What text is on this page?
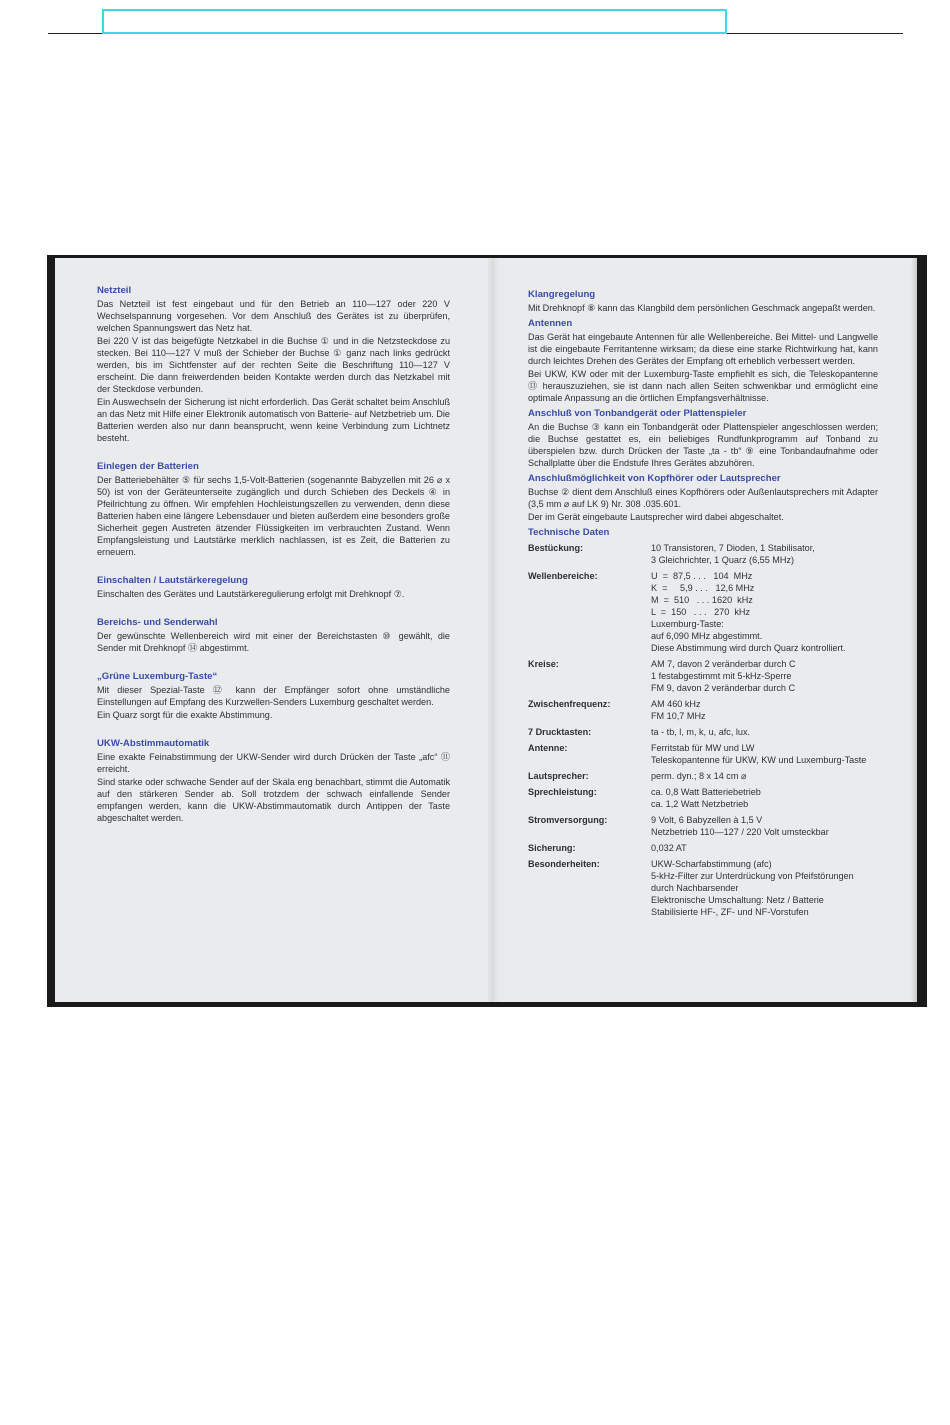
Netzteil

Das Netzteil ist fest eingebaut und für den Betrieb an 110—127 oder 220 V Wechselspannung vorgesehen. Vor dem Anschluß des Gerätes ist zu überprüfen, welchen Spannungswert das Netz hat.

Bei 220 V ist das beigefügte Netzkabel in die Buchse ① und in die Netzsteckdose zu stecken. Bei 110—127 V muß der Schieber der Buchse ① ganz nach links gedrückt werden, bis im Sichtfenster auf der rechten Seite die Beschriftung 110—127 V erscheint. Die dann freiwerdenden beiden Kontakte werden durch das Netzkabel mit der Steckdose verbunden.

Ein Auswechseln der Sicherung ist nicht erforderlich. Das Gerät schaltet beim Anschluß an das Netz mit Hilfe einer Elektronik automatisch von Batterie- auf Netzbetrieb um. Die Batterien werden also nur dann beansprucht, wenn keine Verbindung zum Lichtnetz besteht.

Einlegen der Batterien

Der Batteriebehälter ⑤ für sechs 1,5-Volt-Batterien (sogenannte Babyzellen mit 26 ⌀ x 50) ist von der Geräteunterseite zugänglich und durch Schieben des Deckels ④ in Pfeilrichtung zu öffnen. Wir empfehlen Hochleistungszellen zu verwenden, denn diese Batterien haben eine längere Lebensdauer und bieten außerdem eine besonders große Sicherheit gegen Austreten ätzender Flüssigkeiten im verbrauchten Zustand. Wenn Empfangsleistung und Lautstärke merklich nachlassen, ist es Zeit, die Batterien zu erneuern.

Einschalten / Lautstärkeregelung

Einschalten des Gerätes und Lautstärkeregulierung erfolgt mit Drehknopf ⑦.

Bereichs- und Senderwahl

Der gewünschte Wellenbereich wird mit einer der Bereichstasten ⑩ gewählt, die Sender mit Drehknopf ⑭ abgestimmt.

„Grüne Luxemburg-Taste“

Mit dieser Spezial-Taste ⑫ kann der Empfänger sofort ohne umständliche Einstellungen auf Empfang des Kurzwellen-Senders Luxemburg geschaltet werden.

Ein Quarz sorgt für die exakte Abstimmung.

UKW-Abstimmautomatik

Eine exakte Feinabstimmung der UKW-Sender wird durch Drücken der Taste „afc“ ⑪ erreicht.

Sind starke oder schwache Sender auf der Skala eng benachbart, stimmt die Automatik auf den stärkeren Sender ab. Soll trotzdem der schwach einfallende Sender empfangen werden, kann die UKW-Abstimmautomatik durch Antippen der Taste abgeschaltet werden.

Klangregelung

Mit Drehknopf ⑧ kann das Klangbild dem persönlichen Geschmack angepaßt werden.

Antennen

Das Gerät hat eingebaute Antennen für alle Wellenbereiche. Bei Mittel- und Langwelle ist die eingebaute Ferritantenne wirksam; da diese eine starke Richtwirkung hat, kann durch leichtes Drehen des Gerätes der Empfang oft erheblich verbessert werden.

Bei UKW, KW oder mit der Luxemburg-Taste empfiehlt es sich, die Teleskopantenne ⑬ herauszuziehen, sie ist dann nach allen Seiten schwenkbar und ermöglicht eine optimale Anpassung an die örtlichen Empfangsverhältnisse.

Anschluß von Tonbandgerät oder Plattenspieler

An die Buchse ③ kann ein Tonbandgerät oder Plattenspieler angeschlossen werden; die Buchse gestattet es, ein beliebiges Rundfunkprogramm auf Tonband zu überspielen bzw. durch Drücken der Taste „ta - tb“ ⑨ eine Tonbandaufnahme oder Schallplatte über die Endstufe Ihres Gerätes abzuhören.

Anschlußmöglichkeit von Kopfhörer oder Lautsprecher

Buchse ② dient dem Anschluß eines Kopfhörers oder Außenlautsprechers mit Adapter (3,5 mm ⌀ auf LK 9) Nr. 308 .035.601.

Der im Gerät eingebaute Lautsprecher wird dabei abgeschaltet.

Technische Daten
Bestückung:	10 Transistoren, 7 Dioden, 1 Stabilisator,
3 Gleichrichter, 1 Quarz (6,55 MHz)
Wellenbereiche:	U  =  87,5 . . .   104  MHz
K  =     5,9 . . .   12,6 MHz
M  =  510   . . . 1620  kHz
L  =  150   . . .   270  kHz
Luxemburg-Taste:
auf 6,090 MHz abgestimmt.
Diese Abstimmung wird durch Quarz kontrolliert.
Kreise:	AM 7, davon 2 veränderbar durch C
1 festabgestimmt mit 5-kHz-Sperre
FM 9, davon 2 veränderbar durch C
Zwischenfrequenz:	AM 460 kHz
FM 10,7 MHz
7 Drucktasten:	ta - tb, l, m, k, u, afc, lux.
Antenne:	Ferritstab für MW und LW
Teleskopantenne für UKW, KW und Luxemburg-Taste
Lautsprecher:	perm. dyn.; 8 x 14 cm ⌀
Sprechleistung:	ca. 0,8 Watt Batteriebetrieb
ca. 1,2 Watt Netzbetrieb
Stromversorgung:	9 Volt, 6 Babyzellen à 1,5 V
Netzbetrieb 110—127 / 220 Volt umsteckbar
Sicherung:	0,032 AT
Besonderheiten:	UKW-Scharfabstimmung (afc)
5-kHz-Filter zur Unterdrückung von Pfeifstörungen durch Nachbarsender
Elektronische Umschaltung: Netz / Batterie
Stabilisierte HF-, ZF- und NF-Vorstufen
